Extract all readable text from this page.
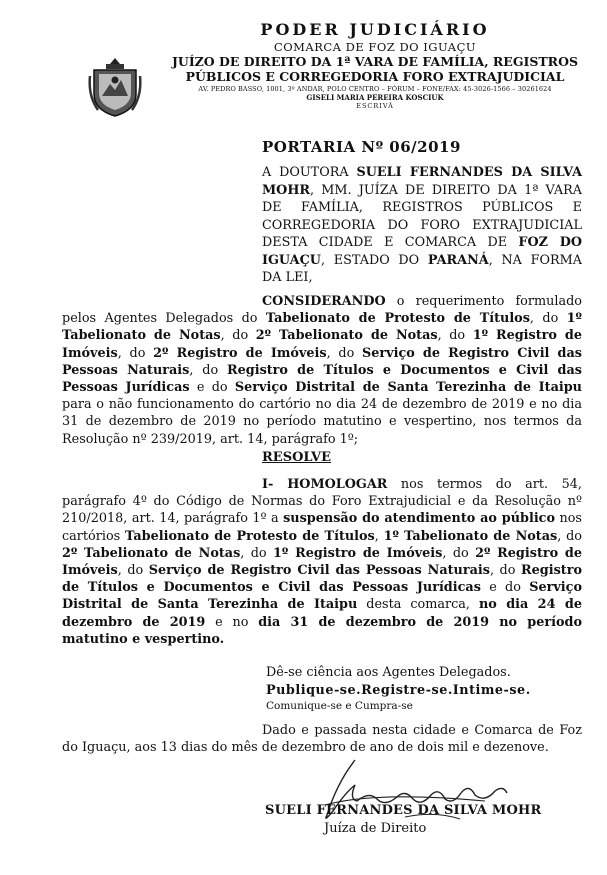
PODER JUDICIÁRIO
COMARCA DE FOZ DO IGUAÇU
JUÍZO DE DIREITO DA 1ª VARA DE FAMÍLIA, REGISTROS
PÚBLICOS E CORREGEDORIA FORO EXTRAJUDICIAL
AV. PEDRO BASSO, 1001, 3º ANDAR, POLO CENTRO – FÓRUM – FONE/FAX: 45-3026-1566 – 30261624
GISELI MARIA PEREIRA KOSCIUK
ESCRIVÃ
PORTARIA Nº 06/2019

A DOUTORA SUELI FERNANDES DA SILVA MOHR, MM. JUÍZA DE DIREITO DA 1ª VARA DE FAMÍLIA, REGISTROS PÚBLICOS E CORREGEDORIA DO FORO EXTRAJUDICIAL DESTA CIDADE E COMARCA DE FOZ DO IGUAÇU, ESTADO DO PARANÁ, NA FORMA DA LEI,

CONSIDERANDO o requerimento formulado pelos Agentes Delegados do Tabelionato de Protesto de Títulos, do 1º Tabelionato de Notas, do 2º Tabelionato de Notas, do 1º Registro de Imóveis, do 2º Registro de Imóveis, do Serviço de Registro Civil das Pessoas Naturais, do Registro de Títulos e Documentos e Civil das Pessoas Jurídicas e do Serviço Distrital de Santa Terezinha de Itaipu para o não funcionamento do cartório no dia 24 de dezembro de 2019 e no dia 31 de dezembro de 2019 no período matutino e vespertino, nos termos da Resolução nº 239/2019, art. 14, parágrafo 1º;

RESOLVE

I- HOMOLOGAR nos termos do art. 54, parágrafo 4º do Código de Normas do Foro Extrajudicial e da Resolução nº 210/2018, art. 14, parágrafo 1º a suspensão do atendimento ao público nos cartórios Tabelionato de Protesto de Títulos, 1º Tabelionato de Notas, do 2º Tabelionato de Notas, do 1º Registro de Imóveis, do 2º Registro de Imóveis, do Serviço de Registro Civil das Pessoas Naturais, do Registro de Títulos e Documentos e Civil das Pessoas Jurídicas e do Serviço Distrital de Santa Terezinha de Itaipu desta comarca, no dia 24 de dezembro de 2019 e no dia 31 de dezembro de 2019 no período matutino e vespertino.

Dê-se ciência aos Agentes Delegados.

Publique-se.Registre-se.Intime-se.

Comunique-se e Cumpra-se

Dado e passada nesta cidade e Comarca de Foz do Iguaçu, aos 13 dias do mês de dezembro de ano de dois mil e dezenove.

SUELI FERNANDES DA SILVA MOHR
Juíza de Direito
